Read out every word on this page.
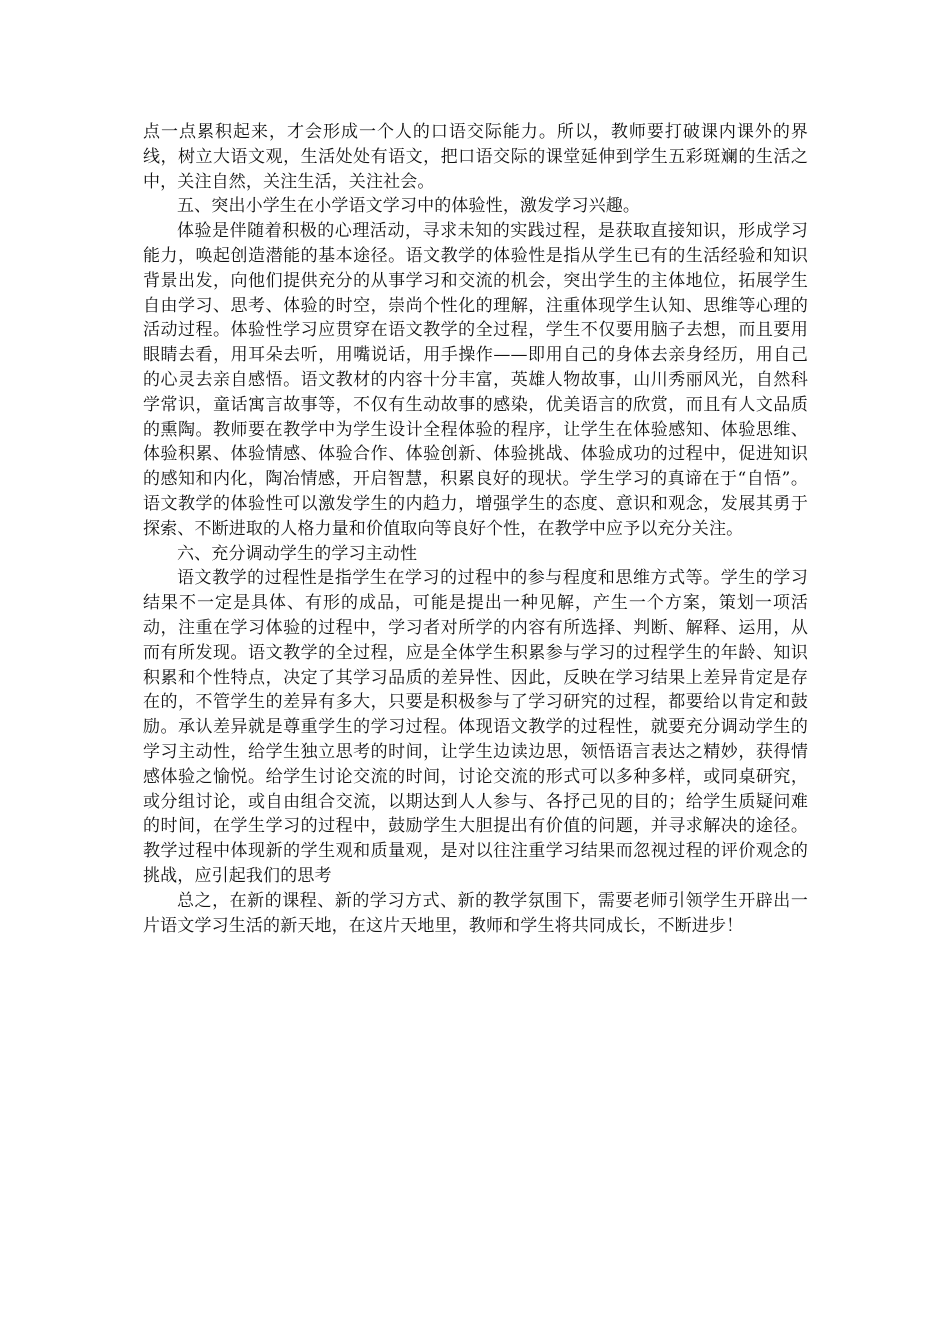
点一点累积起来，才会形成一个人的口语交际能力。所以，教师要打破课内课外的界线，树立大语文观，生活处处有语文，把口语交际的课堂延伸到学生五彩斑斓的生活之中，关注自然，关注生活，关注社会。

五、突出小学生在小学语文学习中的体验性，激发学习兴趣。

体验是伴随着积极的心理活动，寻求未知的实践过程，是获取直接知识，形成学习能力，唤起创造潜能的基本途径。语文教学的体验性是指从学生已有的生活经验和知识背景出发，向他们提供充分的从事学习和交流的机会，突出学生的主体地位，拓展学生自由学习、思考、体验的时空，崇尚个性化的理解，注重体现学生认知、思维等心理的活动过程。体验性学习应贯穿在语文教学的全过程，学生不仅要用脑子去想，而且要用眼睛去看，用耳朵去听，用嘴说话，用手操作——即用自己的身体去亲身经历，用自己的心灵去亲自感悟。语文教材的内容十分丰富，英雄人物故事，山川秀丽风光，自然科学常识，童话寓言故事等，不仅有生动故事的感染，优美语言的欣赏，而且有人文品质的熏陶。教师要在教学中为学生设计全程体验的程序，让学生在体验感知、体验思维、体验积累、体验情感、体验合作、体验创新、体验挑战、体验成功的过程中，促进知识的感知和内化，陶冶情感，开启智慧，积累良好的现状。学生学习的真谛在于“自悟”。语文教学的体验性可以激发学生的内趋力，增强学生的态度、意识和观念，发展其勇于探索、不断进取的人格力量和价值取向等良好个性，在教学中应予以充分关注。

六、充分调动学生的学习主动性

语文教学的过程性是指学生在学习的过程中的参与程度和思维方式等。学生的学习结果不一定是具体、有形的成品，可能是提出一种见解，产生一个方案，策划一项活动，注重在学习体验的过程中，学习者对所学的内容有所选择、判断、解释、运用，从而有所发现。语文教学的全过程，应是全体学生积累参与学习的过程学生的年龄、知识积累和个性特点，决定了其学习品质的差异性、因此，反映在学习结果上差异肯定是存在的，不管学生的差异有多大，只要是积极参与了学习研究的过程，都要给以肯定和鼓励。承认差异就是尊重学生的学习过程。体现语文教学的过程性，就要充分调动学生的学习主动性，给学生独立思考的时间，让学生边读边思，领悟语言表达之精妙，获得情感体验之愉悦。给学生讨论交流的时间，讨论交流的形式可以多种多样，或同桌研究，或分组讨论，或自由组合交流，以期达到人人参与、各抒己见的目的；给学生质疑问难的时间，在学生学习的过程中，鼓励学生大胆提出有价值的问题，并寻求解决的途径。教学过程中体现新的学生观和质量观，是对以往注重学习结果而忽视过程的评价观念的挑战，应引起我们的思考

总之，在新的课程、新的学习方式、新的教学氛围下，需要老师引领学生开辟出一片语文学习生活的新天地，在这片天地里，教师和学生将共同成长，不断进步！
